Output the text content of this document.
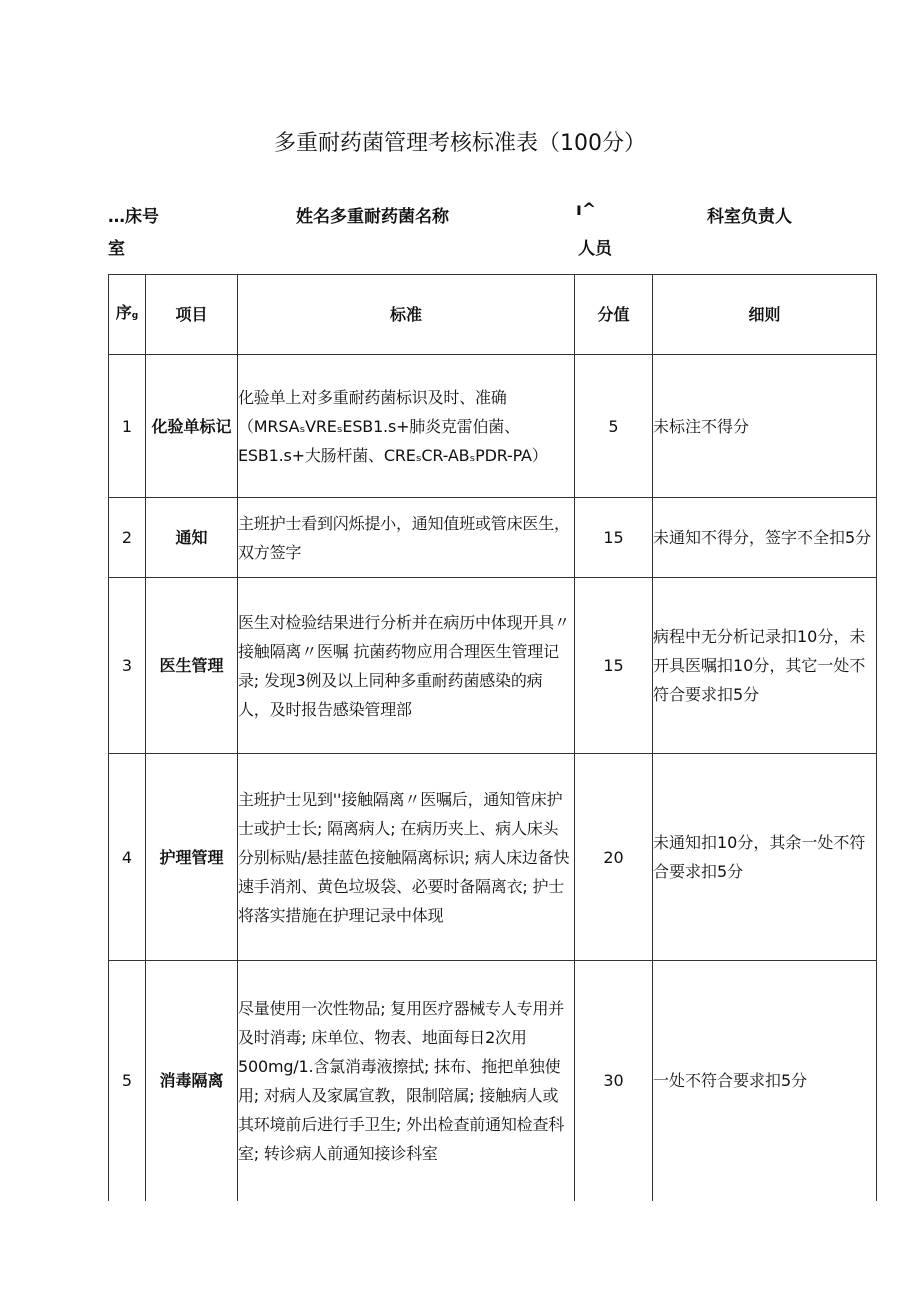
多重耐药菌管理考核标准表（100分）
…床号
室
姓名多重耐药菌名称	ı^
人员
科室负责人
序g	项目	标准	分值	细则
1	化验单标记	化验单上对多重耐药菌标识及时、准确（MRSAₛVREₛESB1.s+肺炎克雷伯菌、ESB1.s+大肠杆菌、CREₛCR-ABₛPDR-PA）	5	未标注不得分
2	通知	主班护士看到闪烁提小，通知值班或管床医生，双方签字	15	未通知不得分，签字不全扣5分
3	医生管理	医生对检验结果进行分析并在病历中体现开具〃接触隔离〃医嘱 抗菌药物应用合理医生管理记录; 发现3例及以上同种多重耐药菌感染的病人，及时报告感染管理部	15	病程中无分析记录扣10分，未开具医嘱扣10分，其它一处不符合要求扣5分
4	护理管理	主班护士见到''接触隔离〃医嘱后，通知管床护士或护士长; 隔离病人; 在病历夹上、病人床头分别标贴/悬挂蓝色接触隔离标识; 病人床边备快速手消剂、黄色垃圾袋、必要时备隔离衣; 护士将落实措施在护理记录中体现	20	未通知扣10分，其余一处不符合要求扣5分
5	消毒隔离	尽量使用一次性物品; 复用医疗器械专人专用并及时消毒; 床单位、物表、地面每日2次用500mg/1.含氯消毒液擦拭; 抹布、拖把单独使用; 对病人及家属宣教，限制陪属; 接触病人或其环境前后进行手卫生; 外出检查前通知检查科室; 转诊病人前通知接诊科室	30	一处不符合要求扣5分
